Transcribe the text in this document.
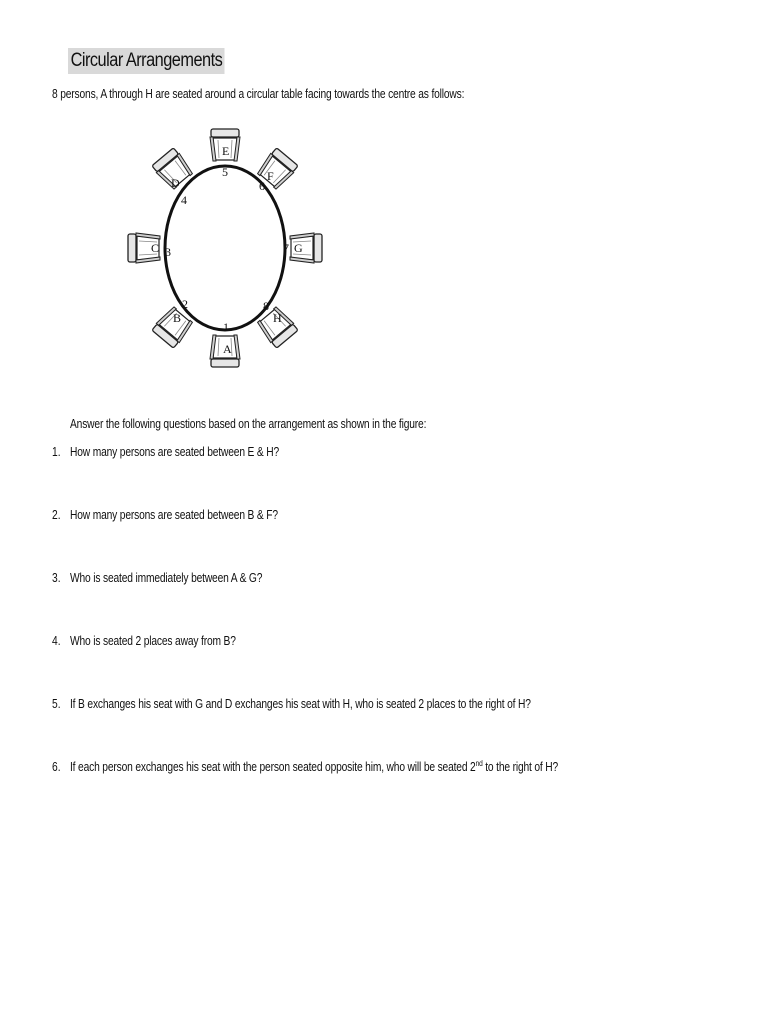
Circular Arrangements
8 persons, A through H are seated around a circular table facing towards the centre as follows:
E
F
G
H
A
B
C
D
5
6
7
8
1
2
3
4
Answer the following questions based on the arrangement as shown in the figure:
1. How many persons are seated between E & H?
2. How many persons are seated between B & F?
3. Who is seated immediately between A & G?
4. Who is seated 2 places away from B?
5. If B exchanges his seat with G and D exchanges his seat with H, who is seated 2 places to the right of H?
6. If each person exchanges his seat with the person seated opposite him, who will be seated 2nd to the right of H?
